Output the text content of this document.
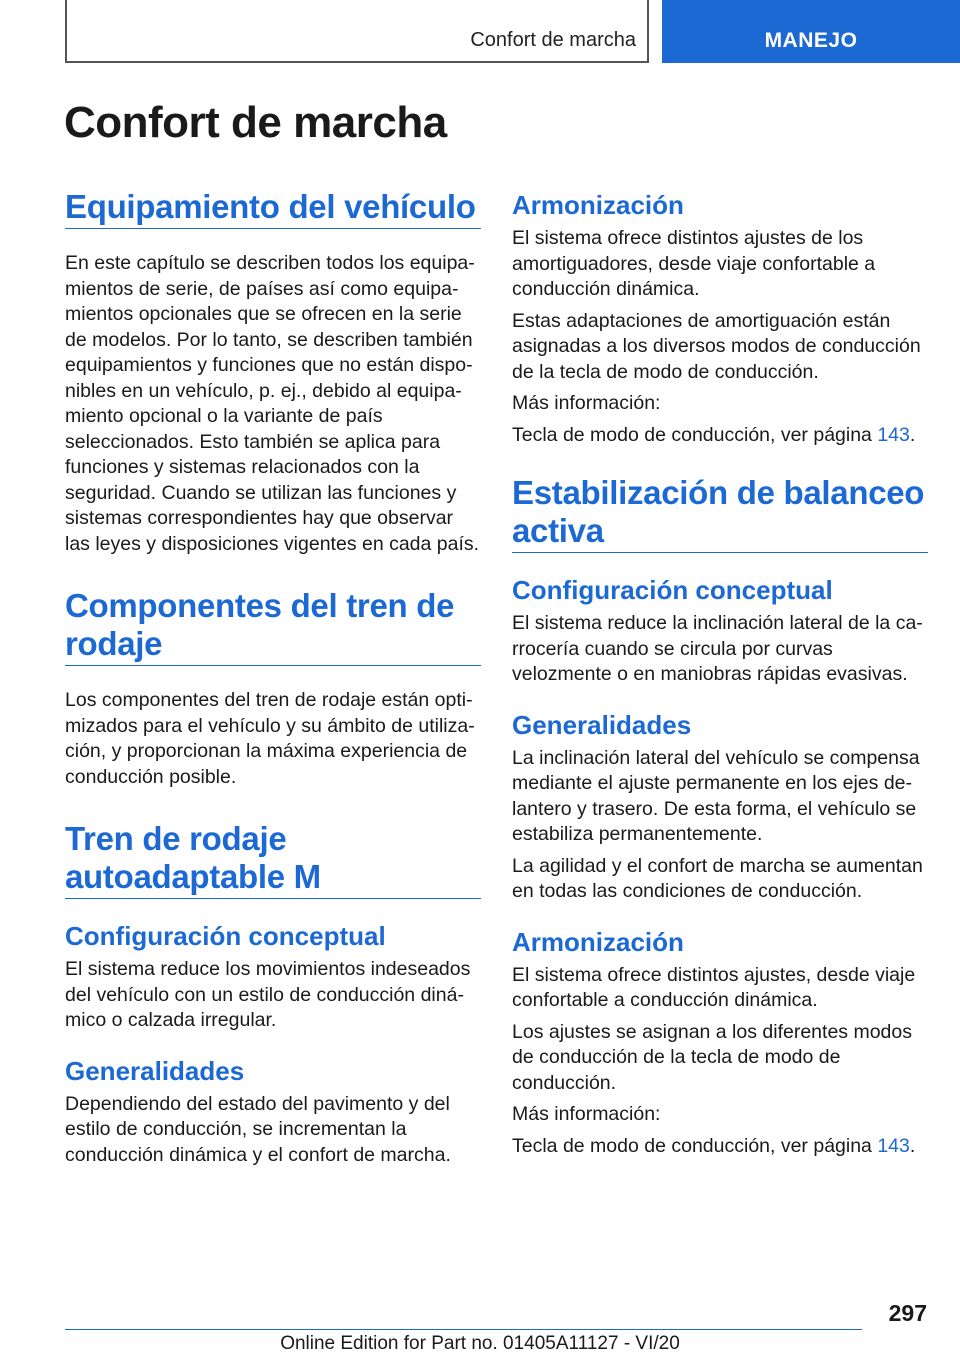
Confort de marcha	MANEJO
Confort de marcha
Equipamiento del vehículo

En este capítulo se describen todos los equipamientos de serie, de países así como equipamientos opcionales que se ofrecen en la serie de modelos. Por lo tanto, se describen también equipamientos y funciones que no están disponibles en un vehículo, p. ej., debido al equipamiento opcional o la variante de país seleccionados. Esto también se aplica para funciones y sistemas relacionados con la seguridad. Cuando se utilizan las funciones y sistemas correspondientes hay que observar las leyes y disposiciones vigentes en cada país.

Componentes del tren de rodaje

Los componentes del tren de rodaje están optimizados para el vehículo y su ámbito de utilización, y proporcionan la máxima experiencia de conducción posible.

Tren de rodaje autoadaptable M
Configuración conceptual

El sistema reduce los movimientos indeseados del vehículo con un estilo de conducción dinámico o calzada irregular.

Generalidades

Dependiendo del estado del pavimento y del estilo de conducción, se incrementan la conducción dinámica y el confort de marcha.

Armonización

El sistema ofrece distintos ajustes de los amortiguadores, desde viaje confortable a conducción dinámica.

Estas adaptaciones de amortiguación están asignadas a los diversos modos de conducción de la tecla de modo de conducción.

Más información:

Tecla de modo de conducción, ver página 143.

Estabilización de balanceo activa
Configuración conceptual

El sistema reduce la inclinación lateral de la carrocería cuando se circula por curvas velozmente o en maniobras rápidas evasivas.

Generalidades

La inclinación lateral del vehículo se compensa mediante el ajuste permanente en los ejes delantero y trasero. De esta forma, el vehículo se estabiliza permanentemente.

La agilidad y el confort de marcha se aumentan en todas las condiciones de conducción.

Armonización

El sistema ofrece distintos ajustes, desde viaje confortable a conducción dinámica.

Los ajustes se asignan a los diferentes modos de conducción de la tecla de modo de conducción.

Más información:

Tecla de modo de conducción, ver página 143.

297
Online Edition for Part no. 01405A11127 - VI/20
